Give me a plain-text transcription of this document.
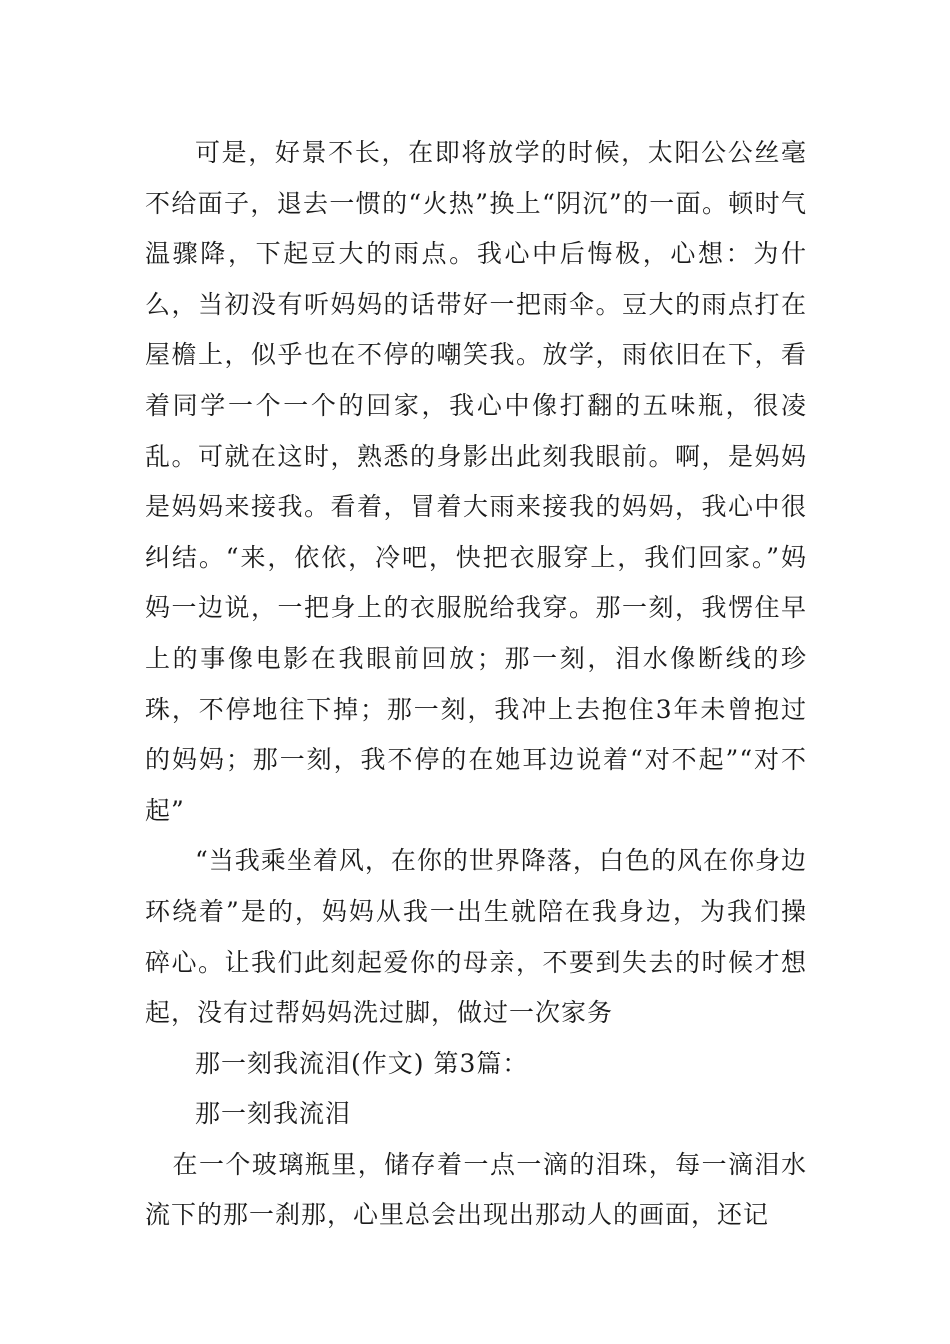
可是，好景不长，在即将放学的时候，太阳公公丝毫不给面子，退去一惯的“火热”换上“阴沉”的一面。顿时气温骤降，下起豆大的雨点。我心中后悔极，心想：为什么，当初没有听妈妈的话带好一把雨伞。豆大的雨点打在屋檐上，似乎也在不停的嘲笑我。放学，雨依旧在下，看着同学一个一个的回家，我心中像打翻的五味瓶，很凌乱。可就在这时，熟悉的身影出此刻我眼前。啊，是妈妈是妈妈来接我。看着，冒着大雨来接我的妈妈，我心中很纠结。“来，依依，冷吧，快把衣服穿上，我们回家。”妈妈一边说，一把身上的衣服脱给我穿。那一刻，我愣住早上的事像电影在我眼前回放；那一刻，泪水像断线的珍珠，不停地往下掉；那一刻，我冲上去抱住3年未曾抱过的妈妈；那一刻，我不停的在她耳边说着“对不起”“对不起”

“当我乘坐着风，在你的世界降落，白色的风在你身边环绕着”是的，妈妈从我一出生就陪在我身边，为我们操碎心。让我们此刻起爱你的母亲，不要到失去的时候才想起，没有过帮妈妈洗过脚，做过一次家务

那一刻我流泪(作文) 第3篇：

那一刻我流泪

在一个玻璃瓶里，储存着一点一滴的泪珠，每一滴泪水流下的那一刹那，心里总会出现出那动人的画面，还记
